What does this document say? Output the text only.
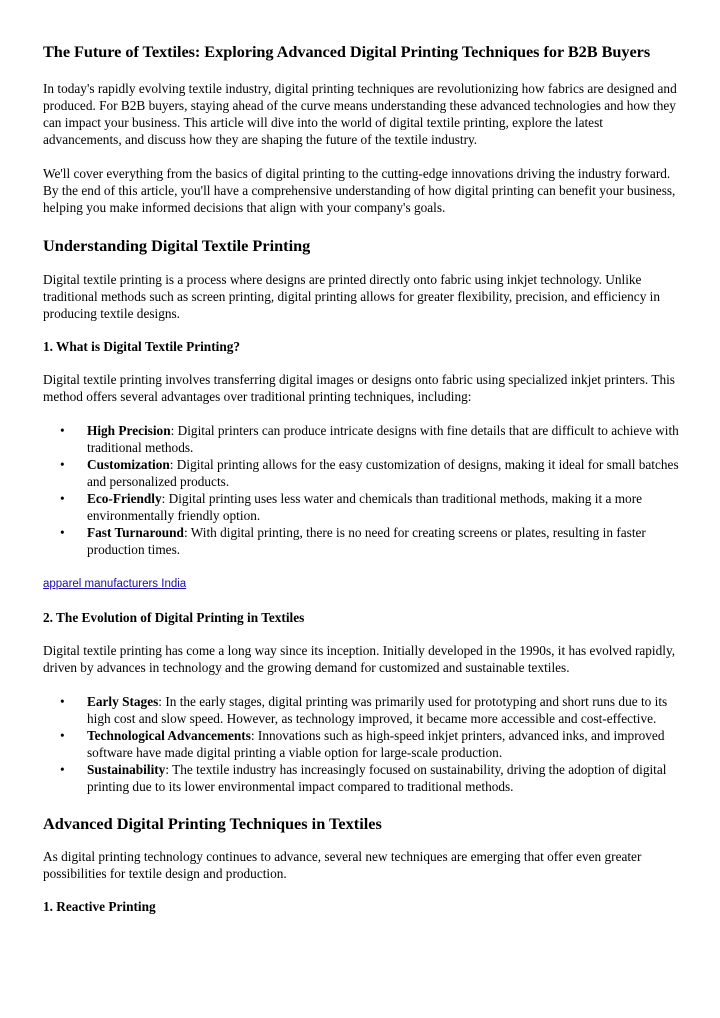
The Future of Textiles: Exploring Advanced Digital Printing Techniques for B2B Buyers

In today's rapidly evolving textile industry, digital printing techniques are revolutionizing how fabrics are designed and produced. For B2B buyers, staying ahead of the curve means understanding these advanced technologies and how they can impact your business. This article will dive into the world of digital textile printing, explore the latest advancements, and discuss how they are shaping the future of the textile industry.

We'll cover everything from the basics of digital printing to the cutting-edge innovations driving the industry forward. By the end of this article, you'll have a comprehensive understanding of how digital printing can benefit your business, helping you make informed decisions that align with your company's goals.

Understanding Digital Textile Printing

Digital textile printing is a process where designs are printed directly onto fabric using inkjet technology. Unlike traditional methods such as screen printing, digital printing allows for greater flexibility, precision, and efficiency in producing textile designs.

1. What is Digital Textile Printing?

Digital textile printing involves transferring digital images or designs onto fabric using specialized inkjet printers. This method offers several advantages over traditional printing techniques, including:

• High Precision: Digital printers can produce intricate designs with fine details that are difficult to achieve with traditional methods.
• Customization: Digital printing allows for the easy customization of designs, making it ideal for small batches and personalized products.
• Eco-Friendly: Digital printing uses less water and chemicals than traditional methods, making it a more environmentally friendly option.
• Fast Turnaround: With digital printing, there is no need for creating screens or plates, resulting in faster production times.
apparel manufacturers India
2. The Evolution of Digital Printing in Textiles

Digital textile printing has come a long way since its inception. Initially developed in the 1990s, it has evolved rapidly, driven by advances in technology and the growing demand for customized and sustainable textiles.

• Early Stages: In the early stages, digital printing was primarily used for prototyping and short runs due to its high cost and slow speed. However, as technology improved, it became more accessible and cost-effective.
• Technological Advancements: Innovations such as high-speed inkjet printers, advanced inks, and improved software have made digital printing a viable option for large-scale production.
• Sustainability: The textile industry has increasingly focused on sustainability, driving the adoption of digital printing due to its lower environmental impact compared to traditional methods.
Advanced Digital Printing Techniques in Textiles

As digital printing technology continues to advance, several new techniques are emerging that offer even greater possibilities for textile design and production.

1. Reactive Printing
